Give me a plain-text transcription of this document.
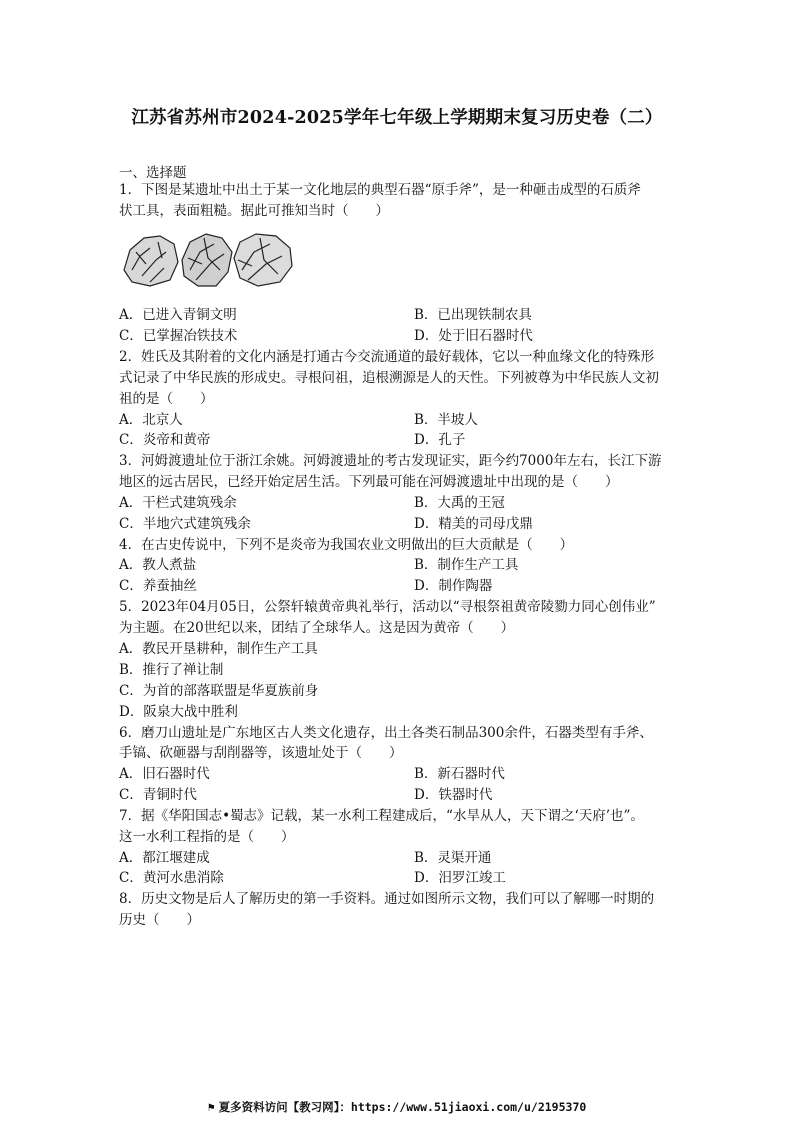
江苏省苏州市2024-2025学年七年级上学期期末复习历史卷（二）
一、选择题
1．下图是某遗址中出土于某一文化地层的典型石器“原手斧”，是一种砸击成型的石质斧
状工具，表面粗糙。据此可推知当时（　　）
A．已进入青铜文明	B．已出现铁制农具
C．已掌握冶铁技术	D．处于旧石器时代
2．姓氏及其附着的文化内涵是打通古今交流通道的最好载体，它以一种血缘文化的特殊形
式记录了中华民族的形成史。寻根问祖，追根溯源是人的天性。下列被尊为中华民族人文初
祖的是（　　）
A．北京人	B．半坡人
C．炎帝和黄帝	D．孔子
3．河姆渡遗址位于浙江余姚。河姆渡遗址的考古发现证实，距今约7000年左右，长江下游
地区的远古居民，已经开始定居生活。下列最可能在河姆渡遗址中出现的是（　　）
A．干栏式建筑残余	B．大禹的王冠
C．半地穴式建筑残余	D．精美的司母戊鼎
4．在古史传说中，下列不是炎帝为我国农业文明做出的巨大贡献是（　　）
A．教人煮盐	B．制作生产工具
C．养蚕抽丝	D．制作陶器
5．2023年04月05日，公祭轩辕黄帝典礼举行，活动以“寻根祭祖黄帝陵勠力同心创伟业”
为主题。在20世纪以来，团结了全球华人。这是因为黄帝（　　）
A．教民开垦耕种，制作生产工具
B．推行了禅让制
C．为首的部落联盟是华夏族前身
D．阪泉大战中胜利
6．磨刀山遗址是广东地区古人类文化遗存，出土各类石制品300余件，石器类型有手斧、
手镐、砍砸器与刮削器等，该遗址处于（　　）
A．旧石器时代	B．新石器时代
C．青铜时代	D．铁器时代
7．据《华阳国志•蜀志》记载，某一水利工程建成后，“水旱从人，天下谓之‘天府’也”。
这一水利工程指的是（　　）
A．都江堰建成	B．灵渠开通
C．黄河水患消除	D．汨罗江竣工
8．历史文物是后人了解历史的第一手资料。通过如图所示文物，我们可以了解哪一时期的
历史（　　）
⚑ 夏多资料访问【教习网】：https://www.51jiaoxi.com/u/2195370
